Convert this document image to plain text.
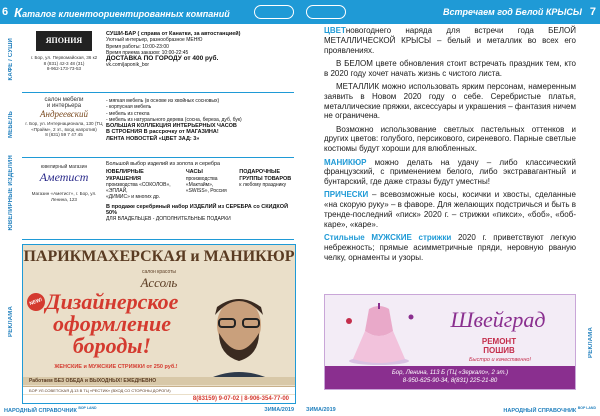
6 Каталог клиентоориентированных компаний
КАФЕ / СУШИ
МЕБЕЛЬ
ЮВЕЛИРНЫЕ ИЗДЕЛИЯ
РЕКЛАМА
ЯПОНИЯ
г. Бор, ул. Первомайская, 36 к2
8 (831) 42-3 48 (31)
8-962-173-73-53
СУШИ-БАР ( справа от Канатки, за автостанцией)
Уютный интерьер, разнообразное МЕНЮ
Время работы: 10:00-23:00
Время приема заказов: 10:00-22:45
ДОСТАВКА ПО ГОРОДУ от 400 руб.
vk.com/japonik_bor
салон мебели
и интерьера
Андреевский
г. Бор, ул. Интернационала, 130 (ТЦ «Прайм», 2 эт., вход напротив)
8 (831) 59 7 47 45
- мягкая мебель (в основе из хвойных сосновых)
- корпусная мебель
- мебель из стекла
- мебель из натурального дерева (сосна, береза, дуб, бук)
БОЛЬШАЯ КОЛЛЕКЦИЯ ИНТЕРЬЕРНЫХ ЧАСОВ
В СТРОЕНИЯ В рассрочку от МАГАЗИНА!
ЛЕНТА НОВОСТЕЙ «ЦВЕТ ЗАД: 3»
ювелирный магазин
Аметист
Магазин «Аметист», г. Бор, ул. Ленина, 123
Большой выбор изделий из золота и серебра
ЮВЕЛИРНЫЕ УКРАШЕНИЯ
производства «СОКОЛОВ», «ЭПЛАЙ,
«ДИМИС» и многих др.
ЧАСЫ
производства «Мактайм»,
«SWISS», Россия
ПОДАРОЧНЫЕ ГРУППЫ ТОВАРОВ
к любому празднику
В продаже серебряный набор ИЗДЕЛИЙ из СЕРЕБРА со СКИДКОЙ 50%
ДЛЯ ВЛАДЕЛЬЦЕВ - ДОПОЛНИТЕЛЬНЫЕ ПОДАРКИ
ПАРИКМАХЕРСКАЯ и МАНИКЮР
салон красоты
Ассоль
NEW! Дизайнерское оформление бороды!
ЖЕНСКИЕ и МУЖСКИЕ СТРИЖКИ от 250 руб.!
Работаем БЕЗ ОБЕДА и ВЫХОДНЫХ! ЕЖЕДНЕВНО
БОР УЛ.СОВЕТСКАЯ Д.13 В ТЦ «РЕСТИК» (ВХОД СО СТОРОНЫ ДОРОГИ)
8(83159) 9-07-02 | 8-906-354-77-00
НАРОДНЫЙ СПРАВОЧНИК $^{ВОР LAND}$	ЗИМА/2019
Встречаем год Белой КРЫСЫ 7

ЦВЕТновогоднего наряда для встречи года БЕЛОЙ МЕТАЛЛИЧЕСКОЙ КРЫСЫ – белый и металлик во всех его проявлениях.

В БЕЛОМ цвете обновления стоит встречать праздник тем, кто в 2020 году хочет начать жизнь с чистого листа.

МЕТАЛЛИК можно использовать ярким персонам, намеренным заявить в Новом 2020 году о себе. Серебристые платья, металлические пряжки, аксессуары и украшения – фантазия ничем не ограничена.

Возможно использование светлых пастельных оттенков и других цветов: голубого, персикового, сиреневого. Парные светлые костюмы будут хороши для влюбленных.

МАНИКЮР можно делать на удачу – либо классический французский, с применением белого, либо экстравагантный и бунтарский, где даже стразы будут уместны!

ПРИЧЕСКИ – всевозможные косы, косички и хвосты, сделанные «на скорую руку» – в фаворе. Для желающих подстричься и быть в тренде-последний «писк» 2020 г. – стрижки «пикси», «боб», «боб-каре», «каре».

Стильные МУЖСКИЕ стрижки 2020 г. приветствуют легкую небрежность; прямые асимметричные пряди, неровную рваную челку, орнаменты и узоры.

Швейград
РЕМОНТ
ПОШИВ
Быстро и качественно!
Бор, Ленина, 113 Б (ТЦ «Зеркало», 2 эт.)
8-950-625-90-34, 8(831) 225-21-80
РЕКЛАМА
ЗИМА/2019	НАРОДНЫЙ СПРАВОЧНИК $^{ВОР LAND}$
